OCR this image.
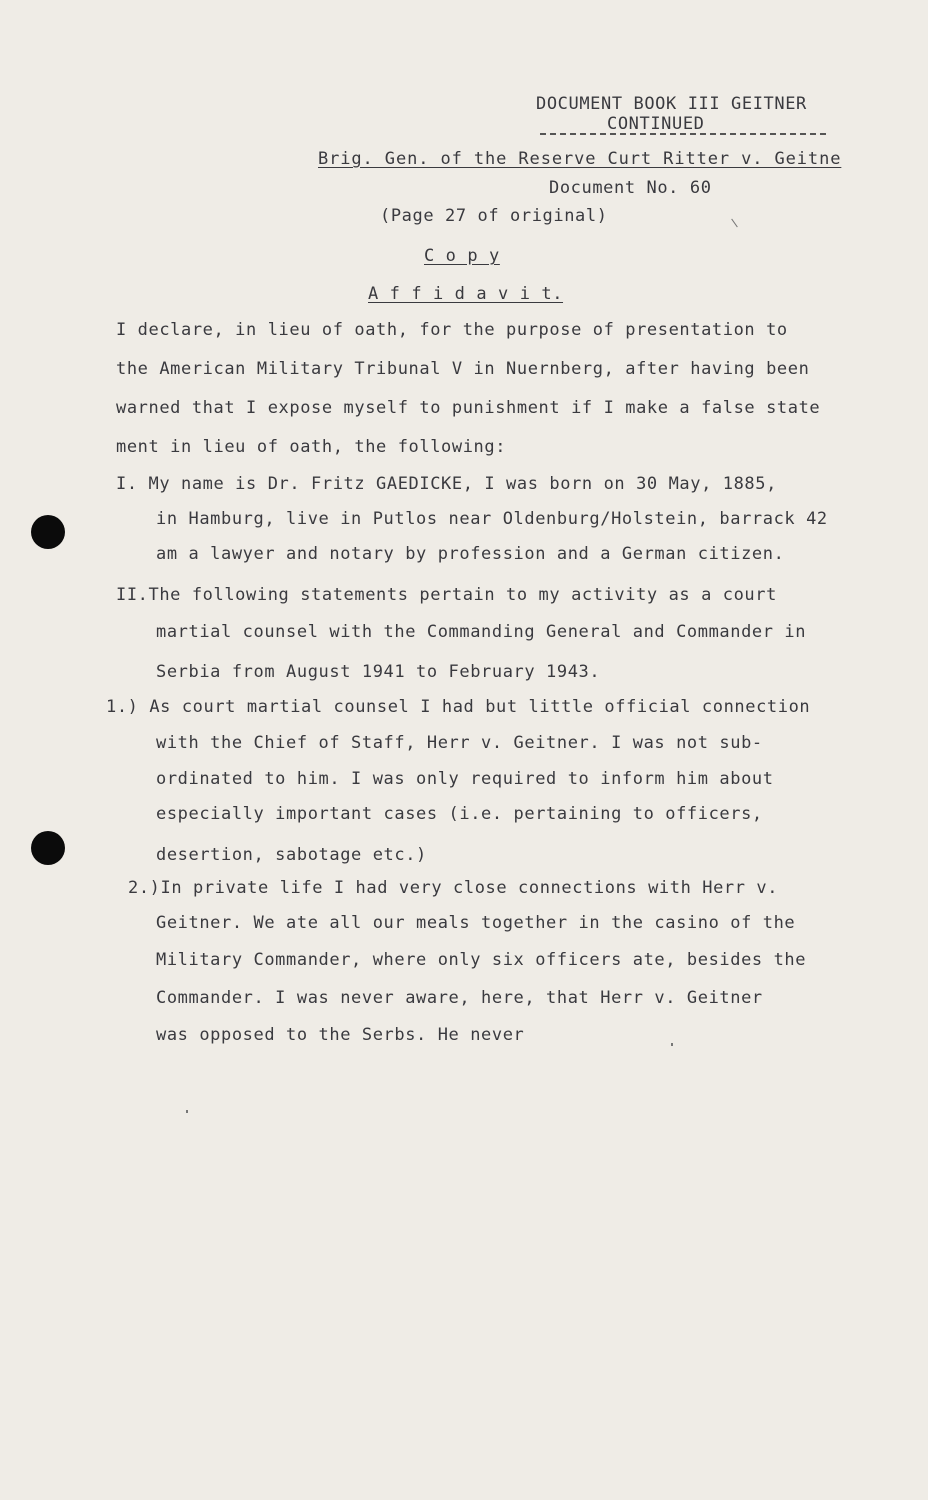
DOCUMENT BOOK III GEITNER
CONTINUED
Brig. Gen. of the Reserve Curt Ritter v. Geitne
Document No. 60
(Page 27 of original)
C o p y
A f f i d a v i t.
I declare, in lieu of oath, for the purpose of presentation to
the American Military Tribunal V in Nuernberg, after having been
warned that I expose myself to punishment if I make a false state
ment in lieu of oath, the following:
I. My name is Dr. Fritz GAEDICKE, I was born on 30 May, 1885,
in Hamburg, live in Putlos near Oldenburg/Holstein, barrack 42
am a lawyer and notary by profession and a German citizen.
II.The following statements pertain to my activity as a court
martial counsel with the Commanding General and Commander in
Serbia from August 1941 to February 1943.
1.) As court martial counsel I had but little official connection
with the Chief of Staff, Herr v. Geitner. I was not sub-
ordinated to him. I was only required to inform him about
especially important cases (i.e. pertaining to officers,
desertion, sabotage etc.)
2.)In private life I had very close connections with Herr v.
Geitner. We ate all our meals together in the casino of the
Military Commander, where only six officers ate, besides the
Commander. I was never aware, here, that Herr v. Geitner
was opposed to the Serbs. He never
